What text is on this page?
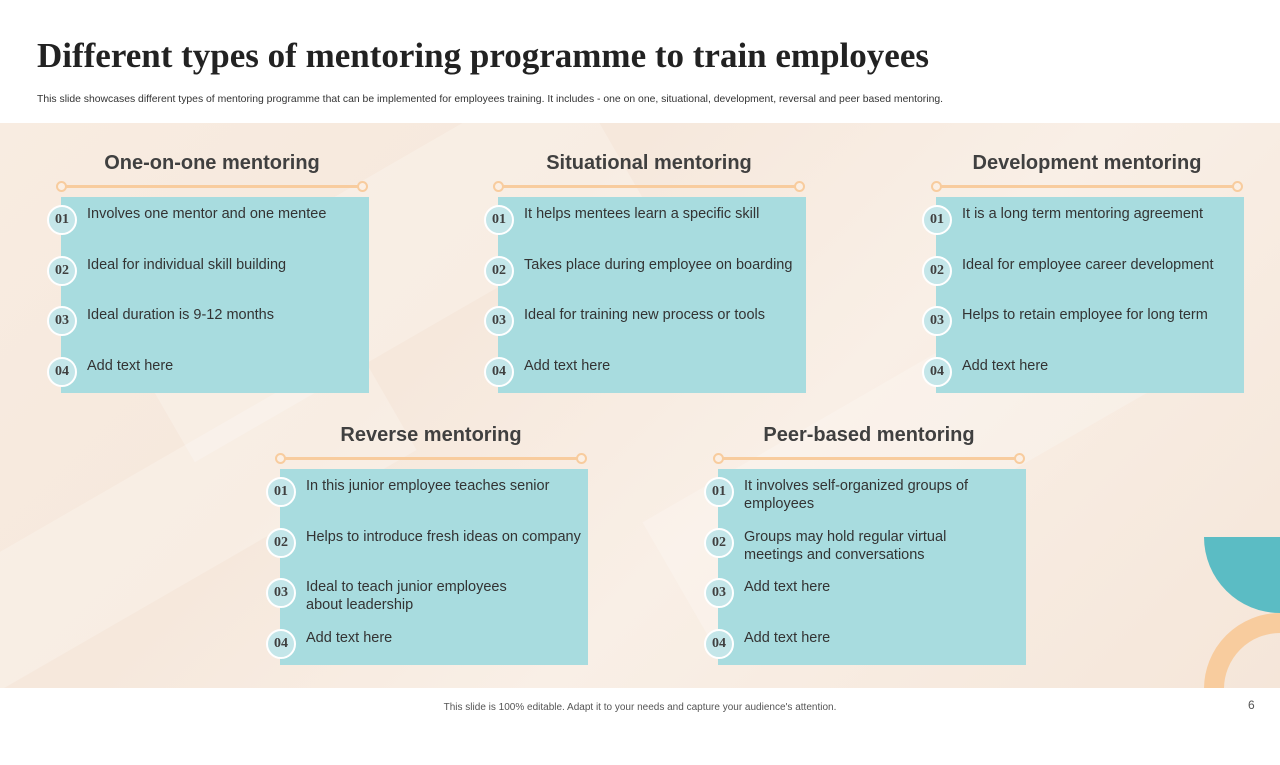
Different types of mentoring programme to train employees
This slide showcases different types of mentoring programme that can be implemented for employees training. It includes - one on one, situational, development, reversal and peer based mentoring.
One-on-one mentoring
01	Involves one mentor and one mentee
02	Ideal for individual skill building
03	Ideal duration is 9-12 months
04	Add text here
Situational mentoring
01	It helps mentees learn a specific skill
02	Takes place during employee on boarding
03	Ideal for training new process or tools
04	Add text here
Development mentoring
01	It is a long term mentoring agreement
02	Ideal for employee career development
03	Helps to retain employee for long term
04	Add text here
Reverse mentoring
01	In this junior employee teaches senior
02	Helps to introduce fresh ideas on company
03	Ideal to teach junior employees about leadership
04	Add text here
Peer-based mentoring
01	It involves self-organized groups of employees
02	Groups may hold regular virtual meetings and conversations
03	Add text here
04	Add text here
This slide is 100% editable. Adapt it to your needs and capture your audience's attention.	6
